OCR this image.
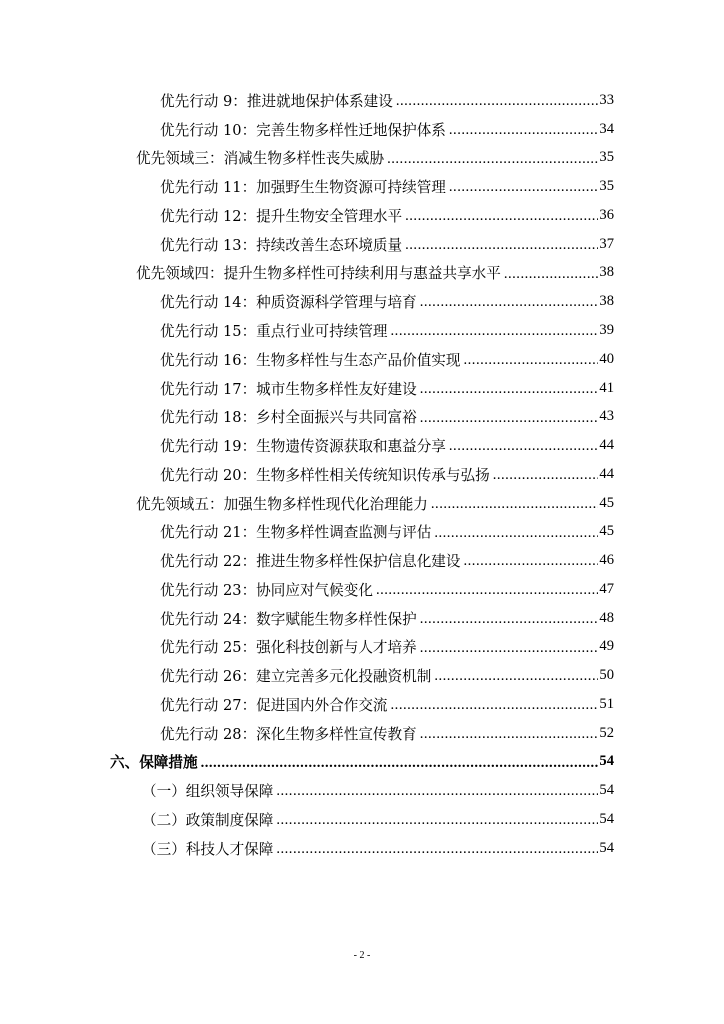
优先行动 9：推进就地保护体系建设 .....	33
优先行动 10：完善生物多样性迁地保护体系 .....	34
优先领域三：消减生物多样性丧失威胁 .....	35
优先行动 11：加强野生生物资源可持续管理 .....	35
优先行动 12：提升生物安全管理水平 .....	36
优先行动 13：持续改善生态环境质量 .....	37
优先领域四：提升生物多样性可持续利用与惠益共享水平 .....	38
优先行动 14：种质资源科学管理与培育 .....	38
优先行动 15：重点行业可持续管理 .....	39
优先行动 16：生物多样性与生态产品价值实现 .....	40
优先行动 17：城市生物多样性友好建设 .....	41
优先行动 18：乡村全面振兴与共同富裕 .....	43
优先行动 19：生物遗传资源获取和惠益分享 .....	44
优先行动 20：生物多样性相关传统知识传承与弘扬 .....	44
优先领域五：加强生物多样性现代化治理能力 .....	45
优先行动 21：生物多样性调查监测与评估 .....	45
优先行动 22：推进生物多样性保护信息化建设 .....	46
优先行动 23：协同应对气候变化 .....	47
优先行动 24：数字赋能生物多样性保护 .....	48
优先行动 25：强化科技创新与人才培养 .....	49
优先行动 26：建立完善多元化投融资机制 .....	50
优先行动 27：促进国内外合作交流 .....	51
优先行动 28：深化生物多样性宣传教育 .....	52
六、保障措施 .....	54
（一）组织领导保障 .....	54
（二）政策制度保障 .....	54
（三）科技人才保障 .....	54
- 2 -
